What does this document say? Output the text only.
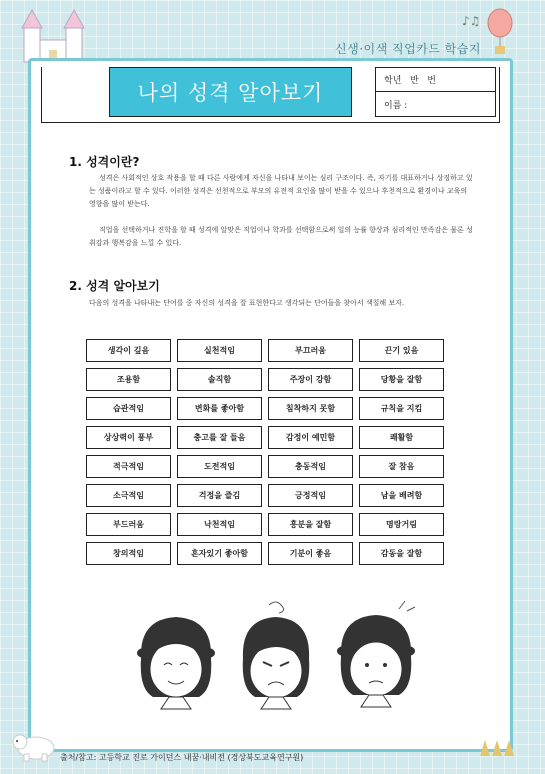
♪♫
신생·이색 직업카드 학습지
나의 성격 알아보기	학년   반   번
이름 :
1. 성격이란?
성격은 사회적인 상호 작용을 할 때 다른 사람에게 자신을 나타내 보이는 심리 구조이다. 즉, 자기를 대표하거나 상징하고 있는 성품이라고 할 수 있다. 이러한 성격은 선천적으로 부모의 유전적 요인을 많이 받을 수 있으나 후천적으로 환경이나 교육의 영향을 많이 받는다.
직업을 선택하거나 진학을 할 때 성격에 알맞은 직업이나 학과를 선택함으로써 일의 능률 향상과 심리적인 만족감은 물론 성취감과 행복감을 느낄 수 있다.
2. 성격 알아보기
다음의 성격을 나타내는 단어를 중 자신의 성격을 잘 표현한다고 생각되는 단어들을 찾아서 색칠해 보자.
생각이 깊음	실천적임	부끄러움	끈기 있음
조용함	솔직함	주장이 강함	당황을 잘함
습관적임	변화를 좋아함	침착하지 못함	규칙을 지킴
상상력이 풍부	충고를 잘 들음	감정이 예민함	쾌활함
적극적임	도전적임	충동적임	잘 참음
소극적임	걱정을 즐김	긍정적임	남을 배려함
부드러움	낙천적임	흥분을 잘함	명랑거림
창의적임	혼자있기 좋아함	기분이 좋음	감동을 잘함
출처/참고: 고등학교 진로 가이던스 내꿈·내비전 (경상북도교육연구원)
